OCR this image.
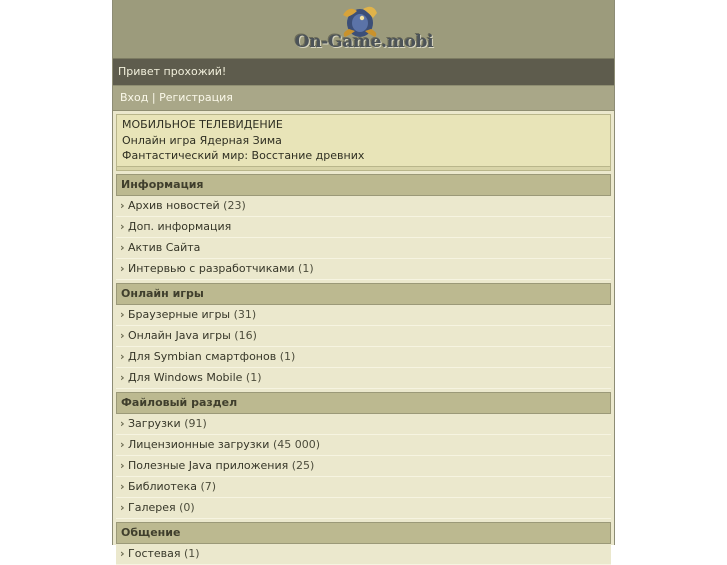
On-Game.mobi
Привет прохожий!
Вход | Регистрация
МОБИЛЬНОЕ ТЕЛЕВИДЕНИЕ
Онлайн игра Ядерная Зима
Фантастический мир: Восстание древних
Информация
› Архив новостей (23)
› Доп. информация
› Актив Сайта
› Интервью с разработчиками (1)
Онлайн игры
› Браузерные игры (31)
› Онлайн Java игры (16)
› Для Symbian смартфонов (1)
› Для Windows Mobile (1)
Файловый раздел
› Загрузки (91)
› Лицензионные загрузки (45 000)
› Полезные Java приложения (25)
› Библиотека (7)
› Галерея (0)
Общение
› Гостевая (1)
